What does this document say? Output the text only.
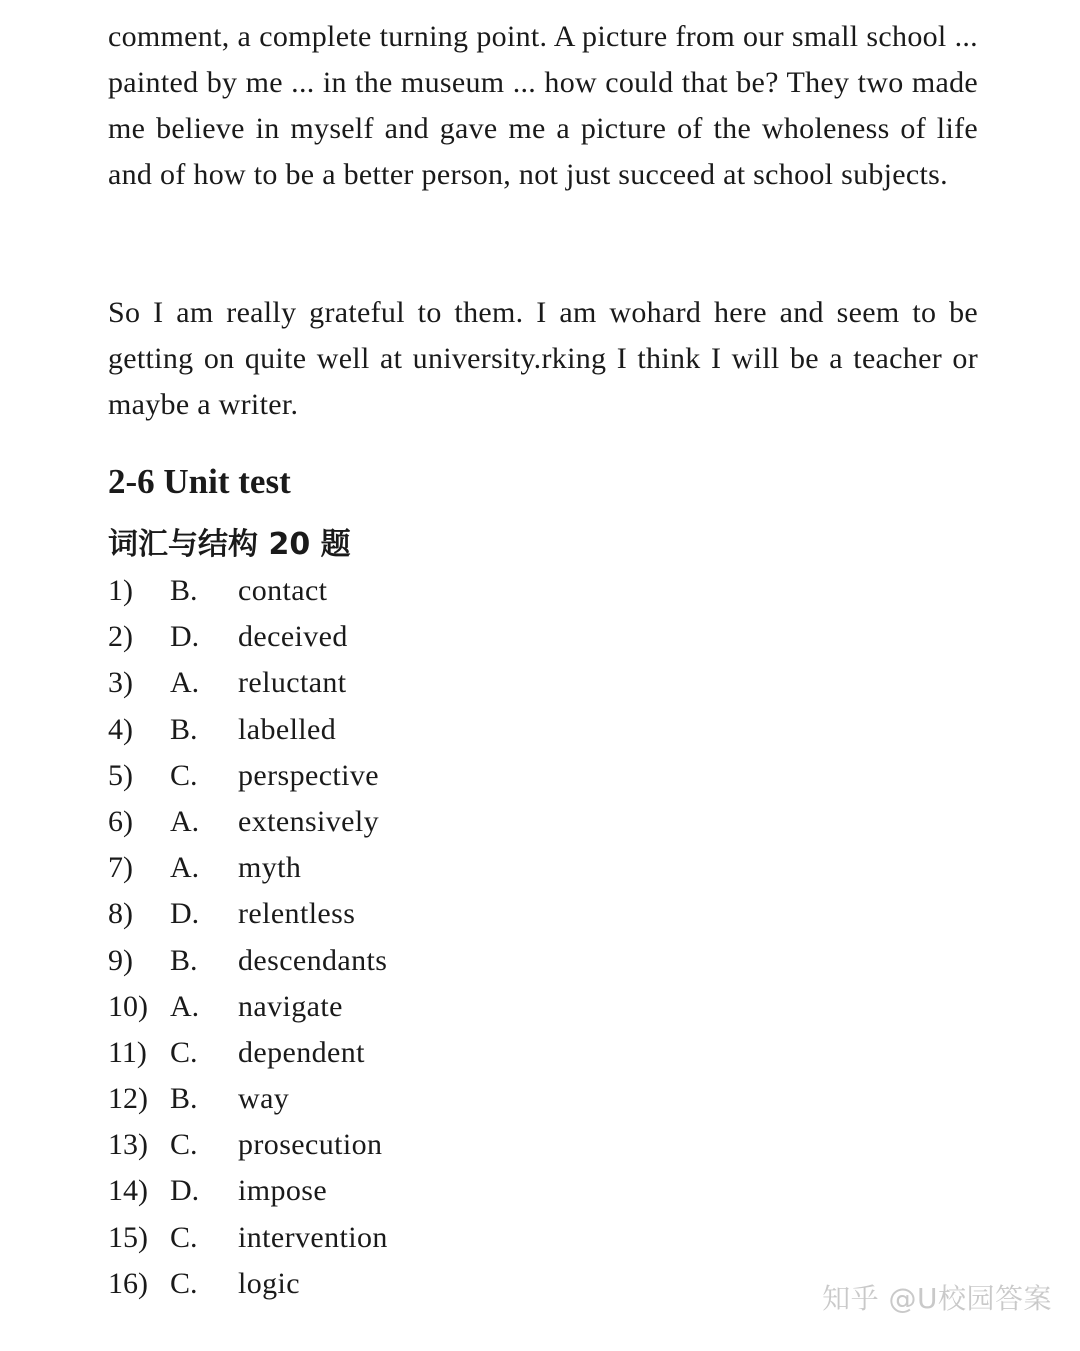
comment, a complete turning point. A picture from our small school ... painted by me ... in the museum ... how could that be? They two made me believe in myself and gave me a picture of the wholeness of life and of how to be a better person, not just succeed at school subjects.

So I am really grateful to them. I am wohard here and seem to be getting on quite well at university.rking I think I will be a teacher or maybe a writer.

2-6 Unit test
词汇与结构 20 题
1) B. contact
2) D. deceived
3) A. reluctant
4) B. labelled
5) C. perspective
6) A. extensively
7) A. myth
8) D. relentless
9) B. descendants
10) A. navigate
11) C. dependent
12) B. way
13) C. prosecution
14) D. impose
15) C. intervention
16) C. logic	知乎 @U校园答案
